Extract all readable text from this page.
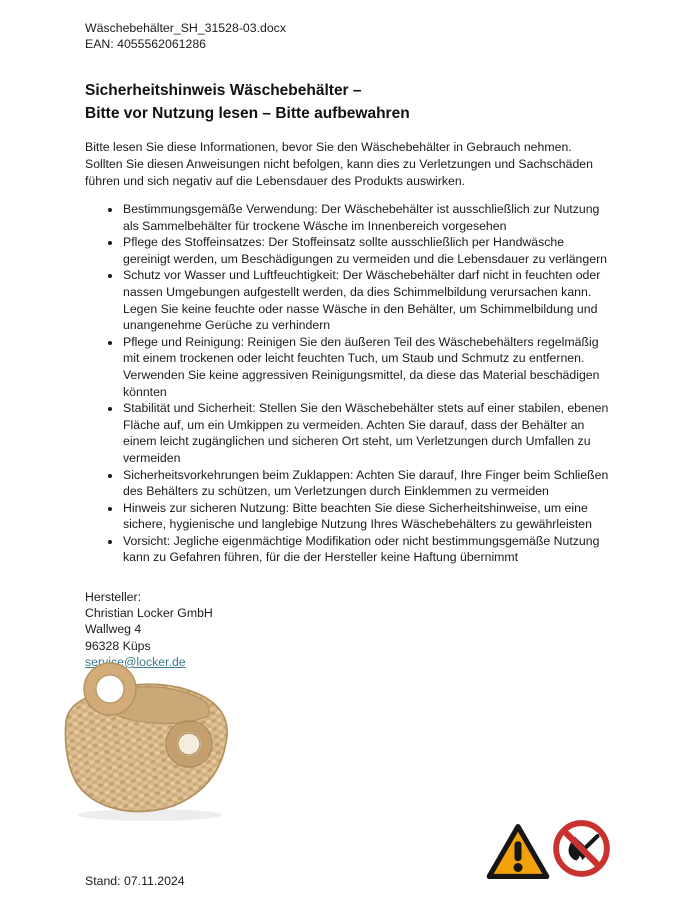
Wäschebehälter_SH_31528-03.docx
EAN: 4055562061286
Sicherheitshinweis Wäschebehälter –
Bitte vor Nutzung lesen – Bitte aufbewahren

Bitte lesen Sie diese Informationen, bevor Sie den Wäschebehälter in Gebrauch nehmen. Sollten Sie diesen Anweisungen nicht befolgen, kann dies zu Verletzungen und Sachschäden führen und sich negativ auf die Lebensdauer des Produkts auswirken.

• Bestimmungsgemäße Verwendung: Der Wäschebehälter ist ausschließlich zur Nutzung als Sammelbehälter für trockene Wäsche im Innenbereich vorgesehen
• Pflege des Stoffeinsatzes: Der Stoffeinsatz sollte ausschließlich per Handwäsche gereinigt werden, um Beschädigungen zu vermeiden und die Lebensdauer zu verlängern
• Schutz vor Wasser und Luftfeuchtigkeit: Der Wäschebehälter darf nicht in feuchten oder nassen Umgebungen aufgestellt werden, da dies Schimmelbildung verursachen kann. Legen Sie keine feuchte oder nasse Wäsche in den Behälter, um Schimmelbildung und unangenehme Gerüche zu verhindern
• Pflege und Reinigung: Reinigen Sie den äußeren Teil des Wäschebehälters regelmäßig mit einem trockenen oder leicht feuchten Tuch, um Staub und Schmutz zu entfernen. Verwenden Sie keine aggressiven Reinigungsmittel, da diese das Material beschädigen könnten
• Stabilität und Sicherheit: Stellen Sie den Wäschebehälter stets auf einer stabilen, ebenen Fläche auf, um ein Umkippen zu vermeiden. Achten Sie darauf, dass der Behälter an einem leicht zugänglichen und sicheren Ort steht, um Verletzungen durch Umfallen zu vermeiden
• Sicherheitsvorkehrungen beim Zuklappen: Achten Sie darauf, Ihre Finger beim Schließen des Behälters zu schützen, um Verletzungen durch Einklemmen zu vermeiden
• Hinweis zur sicheren Nutzung: Bitte beachten Sie diese Sicherheitshinweise, um eine sichere, hygienische und langlebige Nutzung Ihres Wäschebehälters zu gewährleisten
• Vorsicht: Jegliche eigenmächtige Modifikation oder nicht bestimmungsgemäße Nutzung kann zu Gefahren führen, für die der Hersteller keine Haftung übernimmt
Hersteller:
Christian Locker GmbH
Wallweg 4
96328 Küps
service@locker.de
Stand: 07.11.2024
